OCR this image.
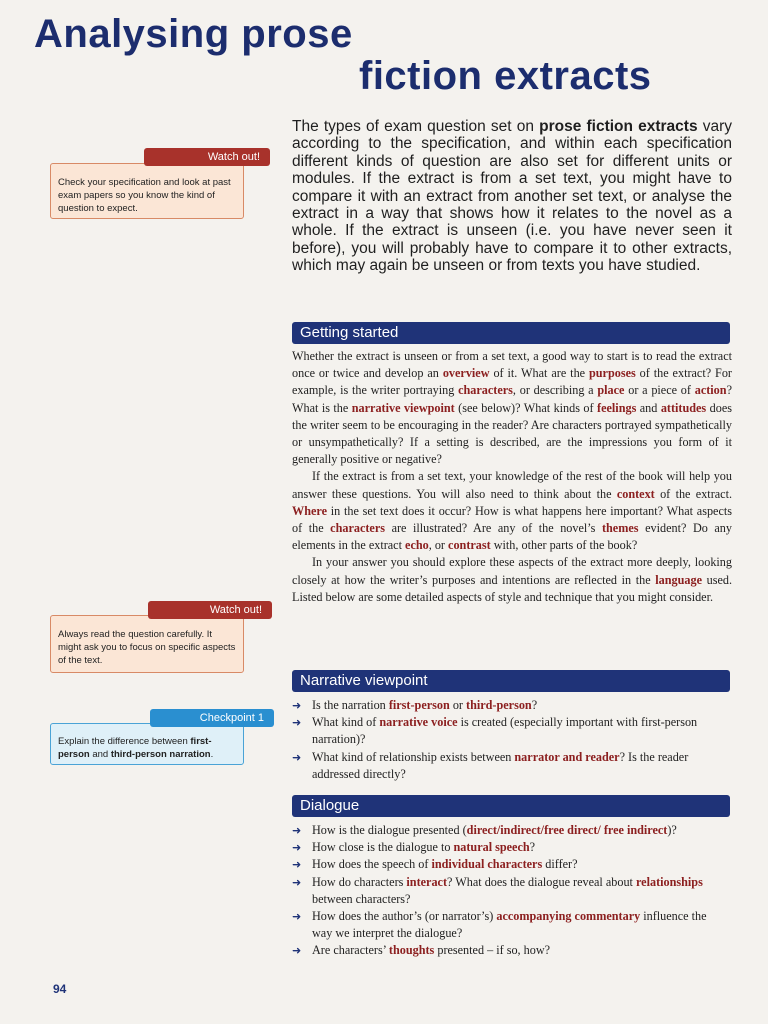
Analysing prose
fiction extracts
The types of exam question set on prose fiction extracts vary according to the specification, and within each specification different kinds of question are also set for different units or modules. If the extract is from a set text, you might have to compare it with an extract from another set text, or analyse the extract in a way that shows how it relates to the novel as a whole. If the extract is unseen (i.e. you have never seen it before), you will probably have to compare it to other extracts, which may again be unseen or from texts you have studied.
Check your specification and look at past exam papers so you know the kind of question to expect.
Watch out!
Always read the question carefully. It might ask you to focus on specific aspects of the text.
Watch out!
Explain the difference between first-person and third-person narration.
Checkpoint 1
Getting started

Whether the extract is unseen or from a set text, a good way to start is to read the extract once or twice and develop an overview of it. What are the purposes of the extract? For example, is the writer portraying characters, or describing a place or a piece of action? What is the narrative viewpoint (see below)? What kinds of feelings and attitudes does the writer seem to be encouraging in the reader? Are characters portrayed sympathetically or unsympathetically? If a setting is described, are the impressions you form of it generally positive or negative?

If the extract is from a set text, your knowledge of the rest of the book will help you answer these questions. You will also need to think about the context of the extract. Where in the set text does it occur? How is what happens here important? What aspects of the characters are illustrated? Are any of the novel’s themes evident? Do any elements in the extract echo, or contrast with, other parts of the book?

In your answer you should explore these aspects of the extract more deeply, looking closely at how the writer’s purposes and intentions are reflected in the language used. Listed below are some detailed aspects of style and technique that you might consider.

Narrative viewpoint
➜ Is the narration first-person or third-person?
➜ What kind of narrative voice is created (especially important with first-person narration)?
➜ What kind of relationship exists between narrator and reader? Is the reader addressed directly?
Dialogue
➜ How is the dialogue presented (direct/indirect/free direct/ free indirect)?
➜ How close is the dialogue to natural speech?
➜ How does the speech of individual characters differ?
➜ How do characters interact? What does the dialogue reveal about relationships between characters?
➜ How does the author’s (or narrator’s) accompanying commentary influence the way we interpret the dialogue?
➜ Are characters’ thoughts presented – if so, how?
94
